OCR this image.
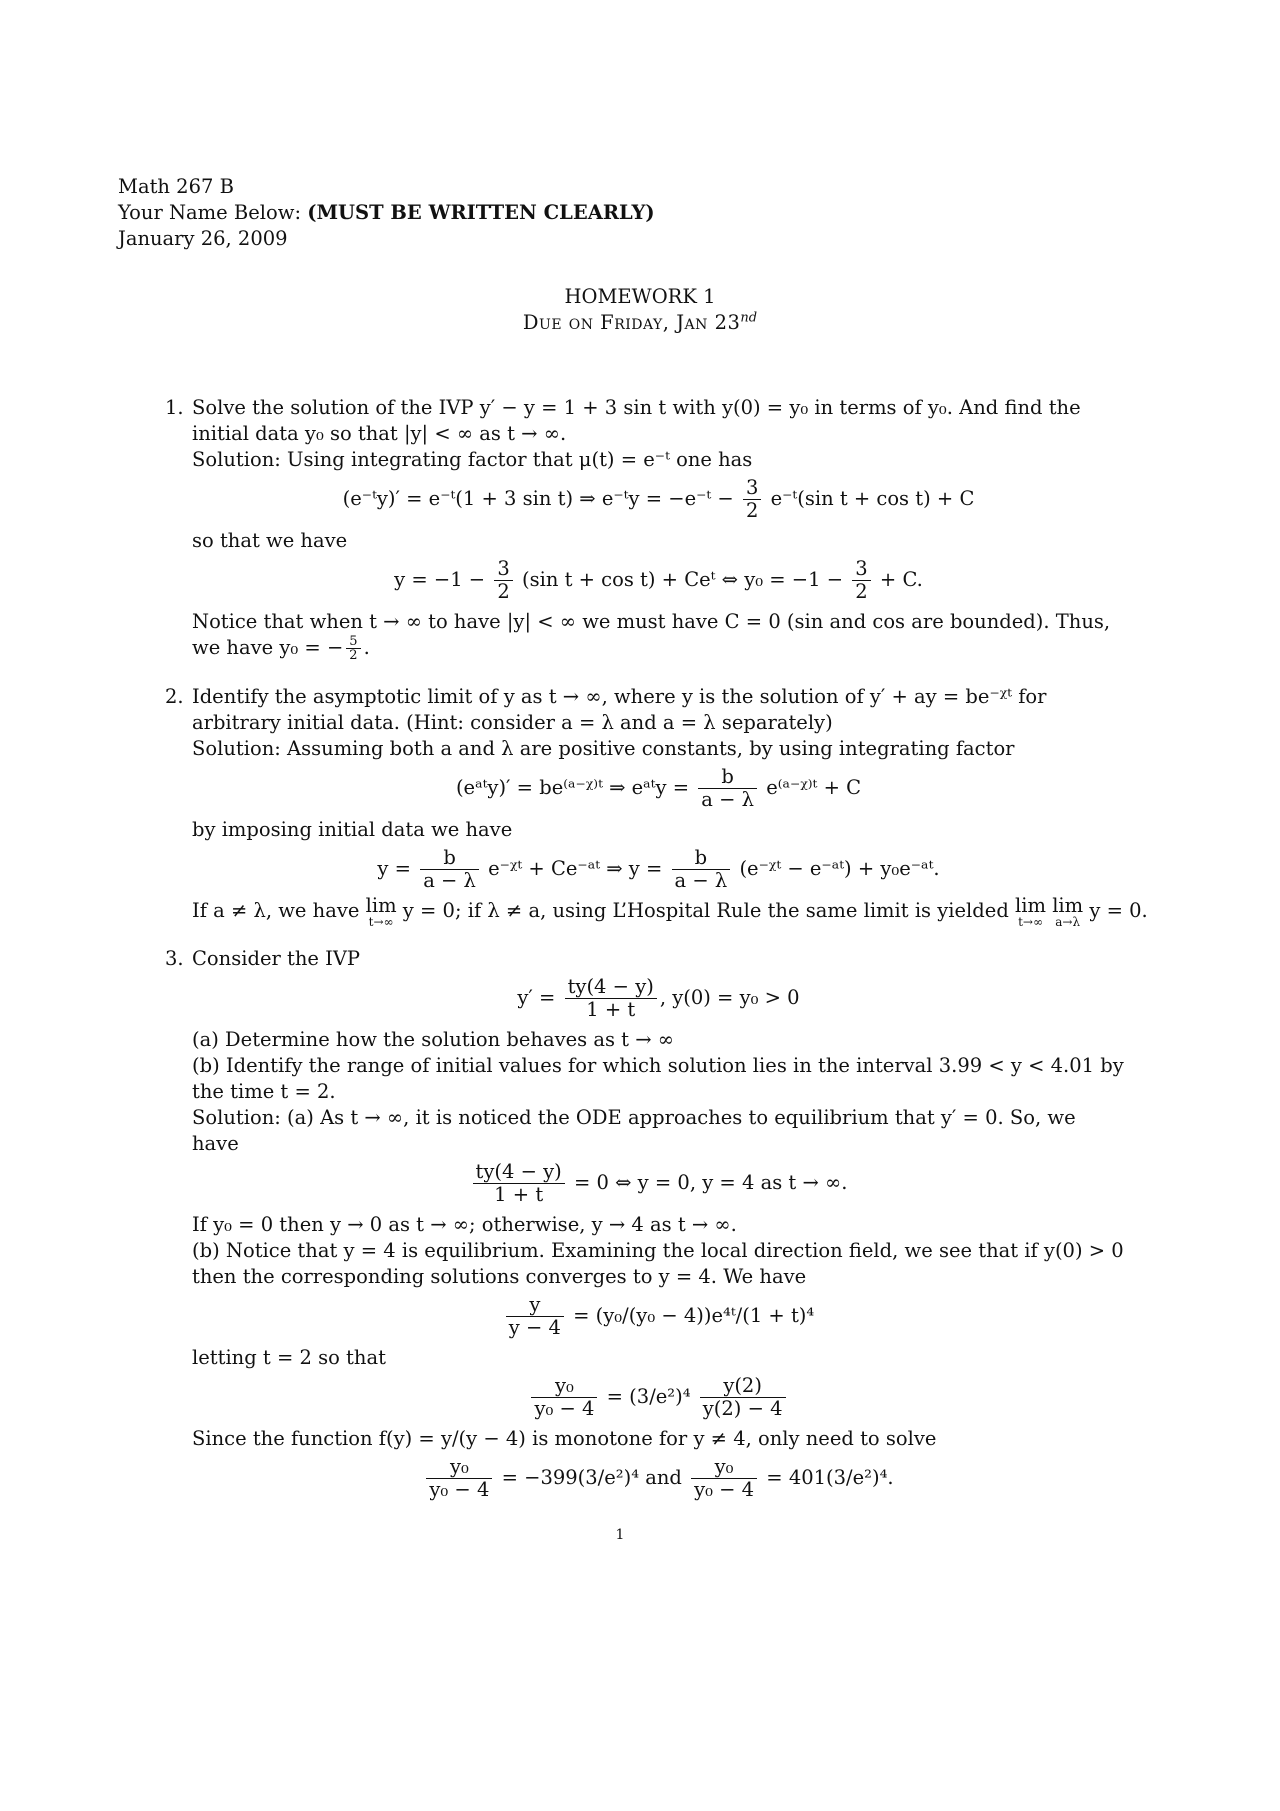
Math 267 B
Your Name Below: (MUST BE WRITTEN CLEARLY)
January 26, 2009
HOMEWORK 1
Due on Friday, Jan 23nd
1. Solve the solution of the IVP y′ − y = 1 + 3 sin t with y(0) = y₀ in terms of y₀. And find the initial data y₀ so that |y| < ∞ as t → ∞.
Solution: Using integrating factor that μ(t) = e⁻ᵗ one has
(e⁻ᵗy)′ = e⁻ᵗ(1 + 3 sin t) ⇒ e⁻ᵗy = −e⁻ᵗ − $\frac{3}{2}$ e⁻ᵗ(sin t + cos t) + C
so that we have
$y = -1 - \frac{3}{2} (\sin$ t + cos t) + Ceᵗ ⇔ $y_0 = -1 - \frac{3}{2} + C$.
Notice that when t → ∞ to have |y| < ∞ we must have C = 0 (sin and cos are bounded). Thus, we have y₀ = − $\frac{5}{2}$ .
2. Identify the asymptotic limit of y as t → ∞, where y is the solution of y′ + ay = be⁻ᵡᵗ for arbitrary initial data. (Hint: consider a = λ and a = λ separately)
Solution: Assuming both a and λ are positive constants, by using integrating factor
(eᵃᵗy)′ = be⁽ᵃ⁻ᵡ⁾ᵗ ⇒ eᵃᵗy = $\frac{b}{a - \lambda}$ e⁽ᵃ⁻ᵡ⁾ᵗ + C
by imposing initial data we have
$y = \frac{b}{a - \lambda}$ e⁻ᵡᵗ + Ce⁻ᵃᵗ ⇒ $y = \frac{b}{a - \lambda}$ (e⁻ᵡᵗ − e⁻ᵃᵗ) + y₀e⁻ᵃᵗ.
If a ≠ λ, we have lim
t→∞ y = 0; if λ ≠ a, using L’Hospital Rule the same limit is yielded lim
t→∞

lim
a→λ y = 0.
3. Consider the IVP
$y' = \frac{ty(4 - y)}{1 + t}$ , y(0) = y₀ > 0
(a) Determine how the solution behaves as t → ∞
(b) Identify the range of initial values for which solution lies in the interval 3.99 < y < 4.01 by the time t = 2.
Solution: (a) As t → ∞, it is noticed the ODE approaches to equilibrium that y′ = 0. So, we have
$\frac{ty(4 - y)}{1 + t} = 0$ ⇔ y = 0, y = 4 as t → ∞.
If y₀ = 0 then y → 0 as t → ∞; otherwise, y → 4 as t → ∞.
(b) Notice that y = 4 is equilibrium. Examining the local direction field, we see that if y(0) > 0 then the corresponding solutions converges to y = 4. We have
$\frac{y}{y - 4} = (y_0/(y_0$ − 4))e⁴ᵗ/(1 + t)⁴
letting t = 2 so that
$\frac{\text{y₀}}{\text{y₀ − 4}} = (3/e^2)^4 \frac{y(2)}{y(2) - 4}$
Since the function f(y) = y/(y − 4) is monotone for y ≠ 4, only need to solve
$\frac{\text{y₀}}{\text{y₀ − 4}} = -399(3/e^2)^4$ and $\frac{\text{y₀}}{\text{y₀ − 4}} = 401(3/e^2)^4$.
1
